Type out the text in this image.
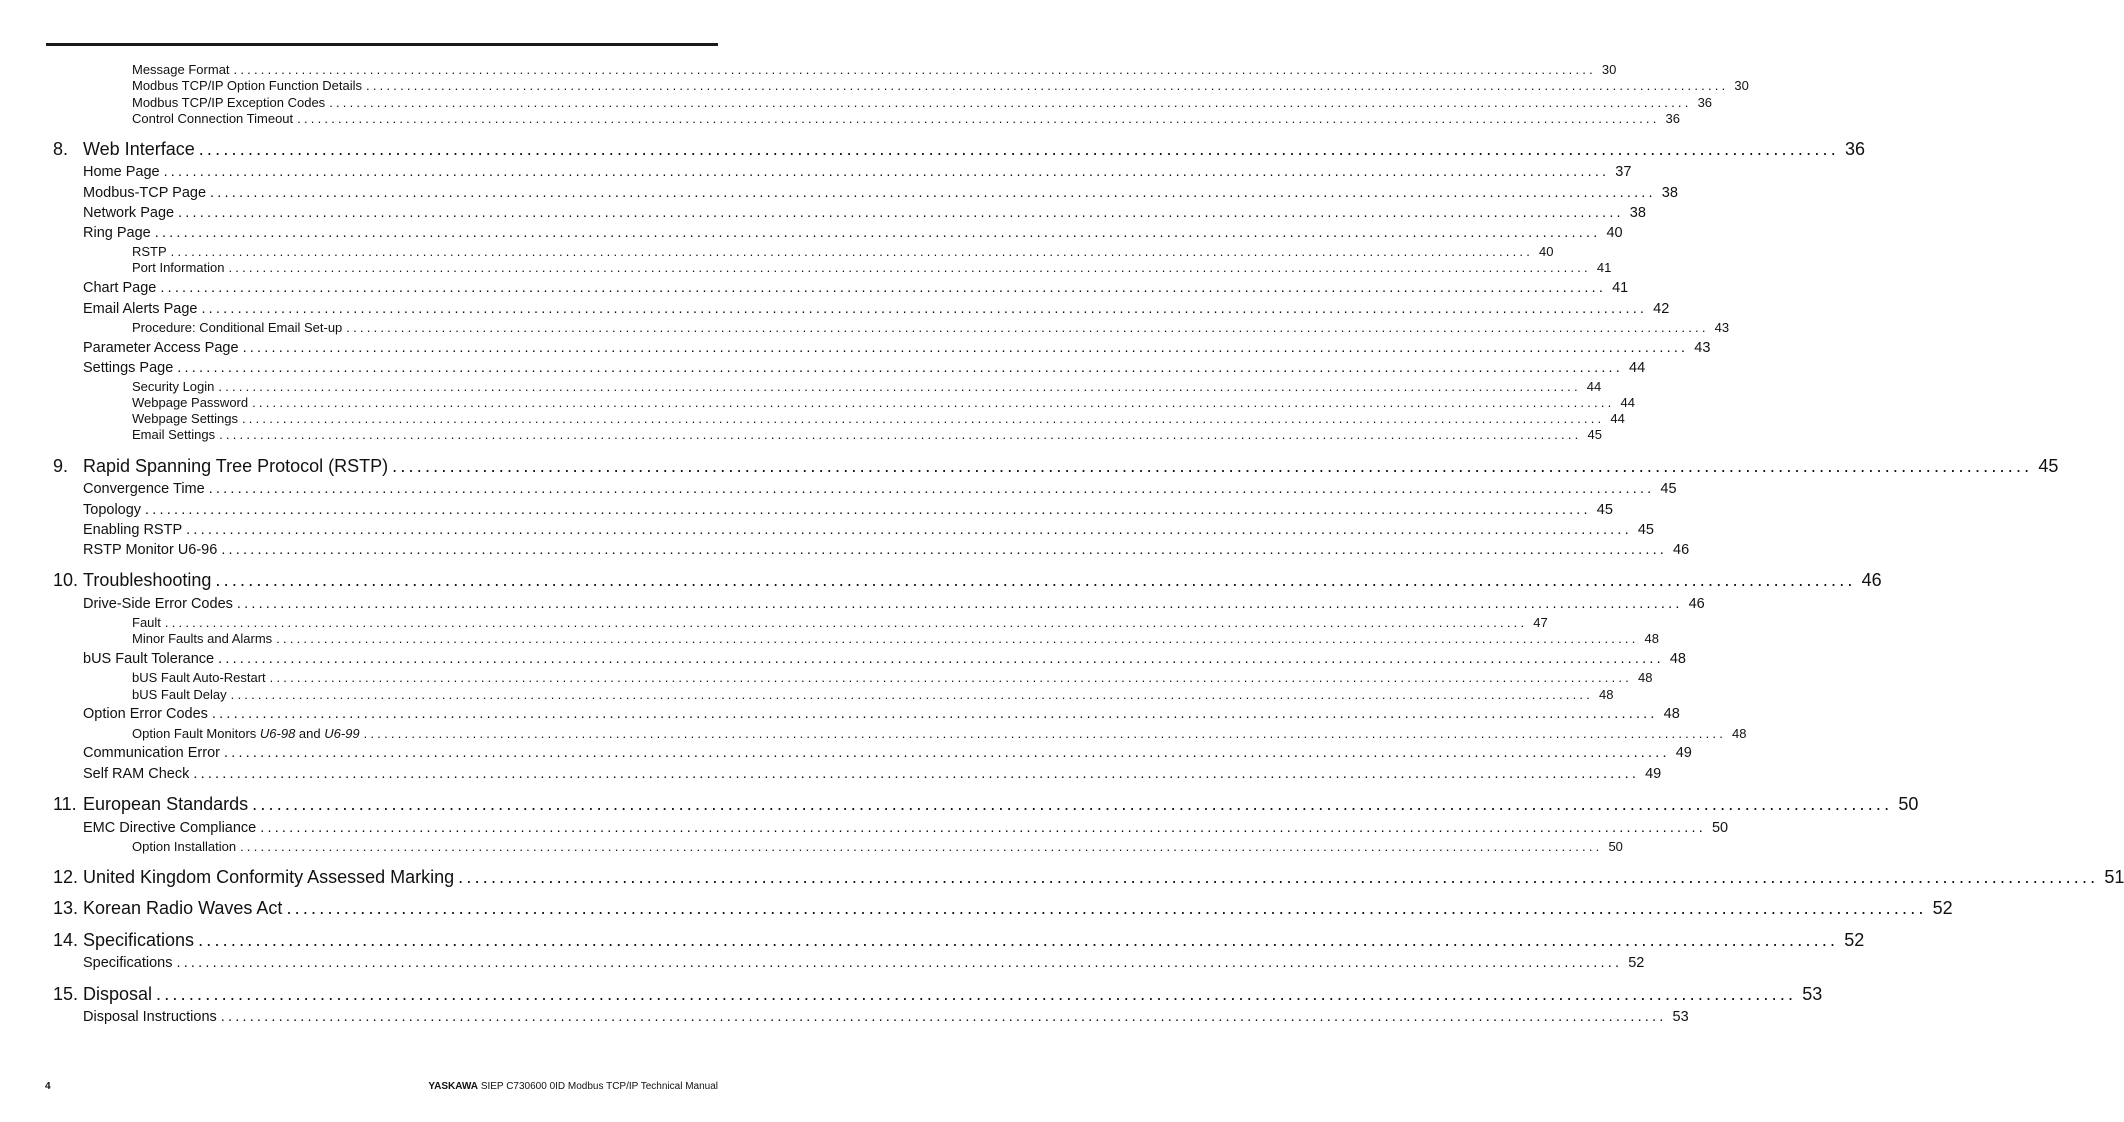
Message Format ........................................................................................................................................................................................................ 30
Modbus TCP/IP Option Function Details ........................................................................................................................................................................................................ 30
Modbus TCP/IP Exception Codes ........................................................................................................................................................................................................ 36
Control Connection Timeout ........................................................................................................................................................................................................ 36
8. Web Interface ........................................................................................................................................................................................................ 36
Home Page ........................................................................................................................................................................................................ 37
Modbus-TCP Page ........................................................................................................................................................................................................ 38
Network Page ........................................................................................................................................................................................................ 38
Ring Page ........................................................................................................................................................................................................ 40
RSTP ........................................................................................................................................................................................................ 40
Port Information ........................................................................................................................................................................................................ 41
Chart Page ........................................................................................................................................................................................................ 41
Email Alerts Page ........................................................................................................................................................................................................ 42
Procedure: Conditional Email Set-up ........................................................................................................................................................................................................ 43
Parameter Access Page ........................................................................................................................................................................................................ 43
Settings Page ........................................................................................................................................................................................................ 44
Security Login ........................................................................................................................................................................................................ 44
Webpage Password ........................................................................................................................................................................................................ 44
Webpage Settings ........................................................................................................................................................................................................ 44
Email Settings ........................................................................................................................................................................................................ 45
9. Rapid Spanning Tree Protocol (RSTP) ........................................................................................................................................................................................................ 45
Convergence Time ........................................................................................................................................................................................................ 45
Topology ........................................................................................................................................................................................................ 45
Enabling RSTP ........................................................................................................................................................................................................ 45
RSTP Monitor U6-96 ........................................................................................................................................................................................................ 46
10. Troubleshooting ........................................................................................................................................................................................................ 46
Drive-Side Error Codes ........................................................................................................................................................................................................ 46
Fault ........................................................................................................................................................................................................ 47
Minor Faults and Alarms ........................................................................................................................................................................................................ 48
bUS Fault Tolerance ........................................................................................................................................................................................................ 48
bUS Fault Auto-Restart ........................................................................................................................................................................................................ 48
bUS Fault Delay ........................................................................................................................................................................................................ 48
Option Error Codes ........................................................................................................................................................................................................ 48
Option Fault Monitors U6-98 and U6-99 ........................................................................................................................................................................................................ 48
Communication Error ........................................................................................................................................................................................................ 49
Self RAM Check ........................................................................................................................................................................................................ 49
11. European Standards ........................................................................................................................................................................................................ 50
EMC Directive Compliance ........................................................................................................................................................................................................ 50
Option Installation ........................................................................................................................................................................................................ 50
12. United Kingdom Conformity Assessed Marking ........................................................................................................................................................................................................ 51
13. Korean Radio Waves Act ........................................................................................................................................................................................................ 52
14. Specifications ........................................................................................................................................................................................................ 52
Specifications ........................................................................................................................................................................................................ 52
15. Disposal ........................................................................................................................................................................................................ 53
Disposal Instructions ........................................................................................................................................................................................................ 53
4	YASKAWA SIEP C730600 0ID Modbus TCP/IP Technical Manual
